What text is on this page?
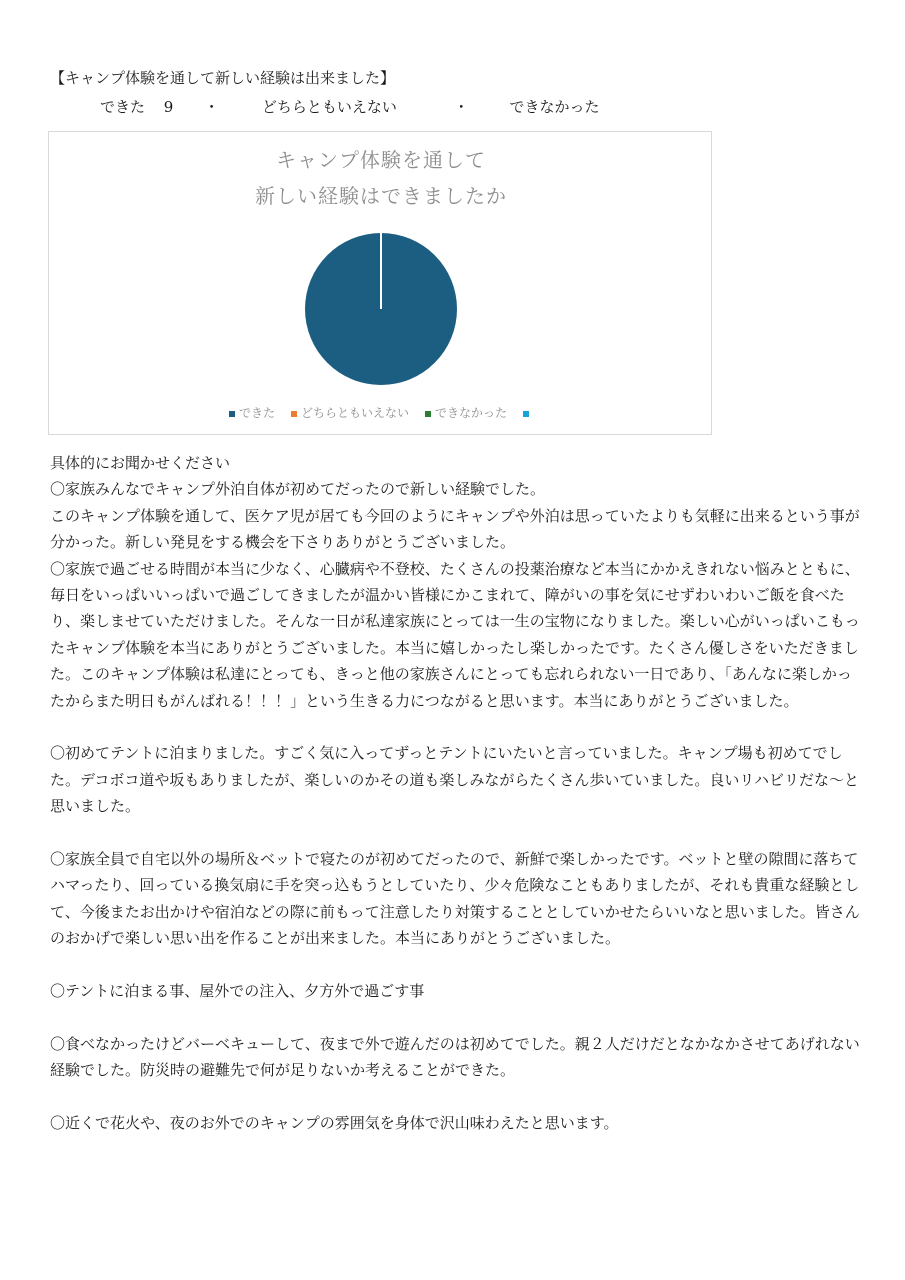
【キャンプ体験を通して新しい経験は出来ました】
できた 9 ・	どちらともいえない	・	できなかった
キャンプ体験を通して
新しい経験はできましたか
できた どちらともいえない できなかった

具体的にお聞かせください

〇家族みんなでキャンプ外泊自体が初めてだったので新しい経験でした。

このキャンプ体験を通して、医ケア児が居ても今回のようにキャンプや外泊は思っていたよりも気軽に出来るという事が分かった。新しい発見をする機会を下さりありがとうございました。

〇家族で過ごせる時間が本当に少なく、心臓病や不登校、たくさんの投薬治療など本当にかかえきれない悩みとともに、毎日をいっぱいいっぱいで過ごしてきましたが温かい皆様にかこまれて、障がいの事を気にせずわいわいご飯を食べたり、楽しませていただけました。そんな一日が私達家族にとっては一生の宝物になりました。楽しい心がいっぱいこもったキャンプ体験を本当にありがとうございました。本当に嬉しかったし楽しかったです。たくさん優しさをいただきました。このキャンプ体験は私達にとっても、きっと他の家族さんにとっても忘れられない一日であり、「あんなに楽しかったからまた明日もがんばれる！！！」という生きる力につながると思います。本当にありがとうございました。

〇初めてテントに泊まりました。すごく気に入ってずっとテントにいたいと言っていました。キャンプ場も初めてでした。デコボコ道や坂もありましたが、楽しいのかその道も楽しみながらたくさん歩いていました。良いリハビリだな～と思いました。

〇家族全員で自宅以外の場所＆ベットで寝たのが初めてだったので、新鮮で楽しかったです。ベットと壁の隙間に落ちてハマったり、回っている換気扇に手を突っ込もうとしていたり、少々危険なこともありましたが、それも貴重な経験として、今後またお出かけや宿泊などの際に前もって注意したり対策することとしていかせたらいいなと思いました。皆さんのおかげで楽しい思い出を作ることが出来ました。本当にありがとうございました。

〇テントに泊まる事、屋外での注入、夕方外で過ごす事

〇食べなかったけどバーベキューして、夜まで外で遊んだのは初めてでした。親２人だけだとなかなかさせてあげれない経験でした。防災時の避難先で何が足りないか考えることができた。

〇近くで花火や、夜のお外でのキャンプの雰囲気を身体で沢山味わえたと思います。
